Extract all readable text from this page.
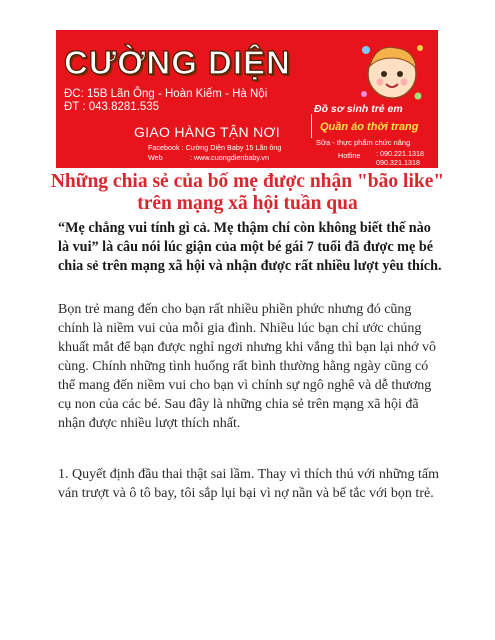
CƯỜNG DIỆN
ĐC: 15B Lãn Ông - Hoàn Kiếm - Hà Nội
ĐT : 043.8281.535
GIAO HÀNG TẬN NƠI
Facebook : Cường Diện Baby 15 Lãn ông
Web	: www.cuongdienbaby.vn
Đồ sơ sinh trẻ em
Quần áo thời trang
Sữa - thực phẩm chức năng
Hotline : 090.221.1318
090.321.1318
Những chia sẻ của bố mẹ được nhận "bão like" trên mạng xã hội tuần qua
“Mẹ chẳng vui tính gì cả. Mẹ thậm chí còn không biết thế nào là vui” là câu nói lúc giận của một bé gái 7 tuổi đã được mẹ bé chia sẻ trên mạng xã hội và nhận được rất nhiều lượt yêu thích.
Bọn trẻ mang đến cho bạn rất nhiều phiền phức nhưng đó cũng chính là niềm vui của mỗi gia đình. Nhiều lúc bạn chỉ ước chúng khuất mắt để bạn được nghỉ ngơi nhưng khi vắng thì bạn lại nhớ vô cùng. Chính những tình huống rất bình thường hằng ngày cũng có thể mang đến niềm vui cho bạn vì chính sự ngô nghê và dễ thương cụ non của các bé. Sau đây là những chia sẻ trên mạng xã hội đã nhận được nhiều lượt thích nhất.
1. Quyết định đầu thai thật sai lầm. Thay vì thích thú với những tấm ván trượt và ô tô bay, tôi sắp lụi bại vì nợ nần và bế tắc với bọn trẻ.
